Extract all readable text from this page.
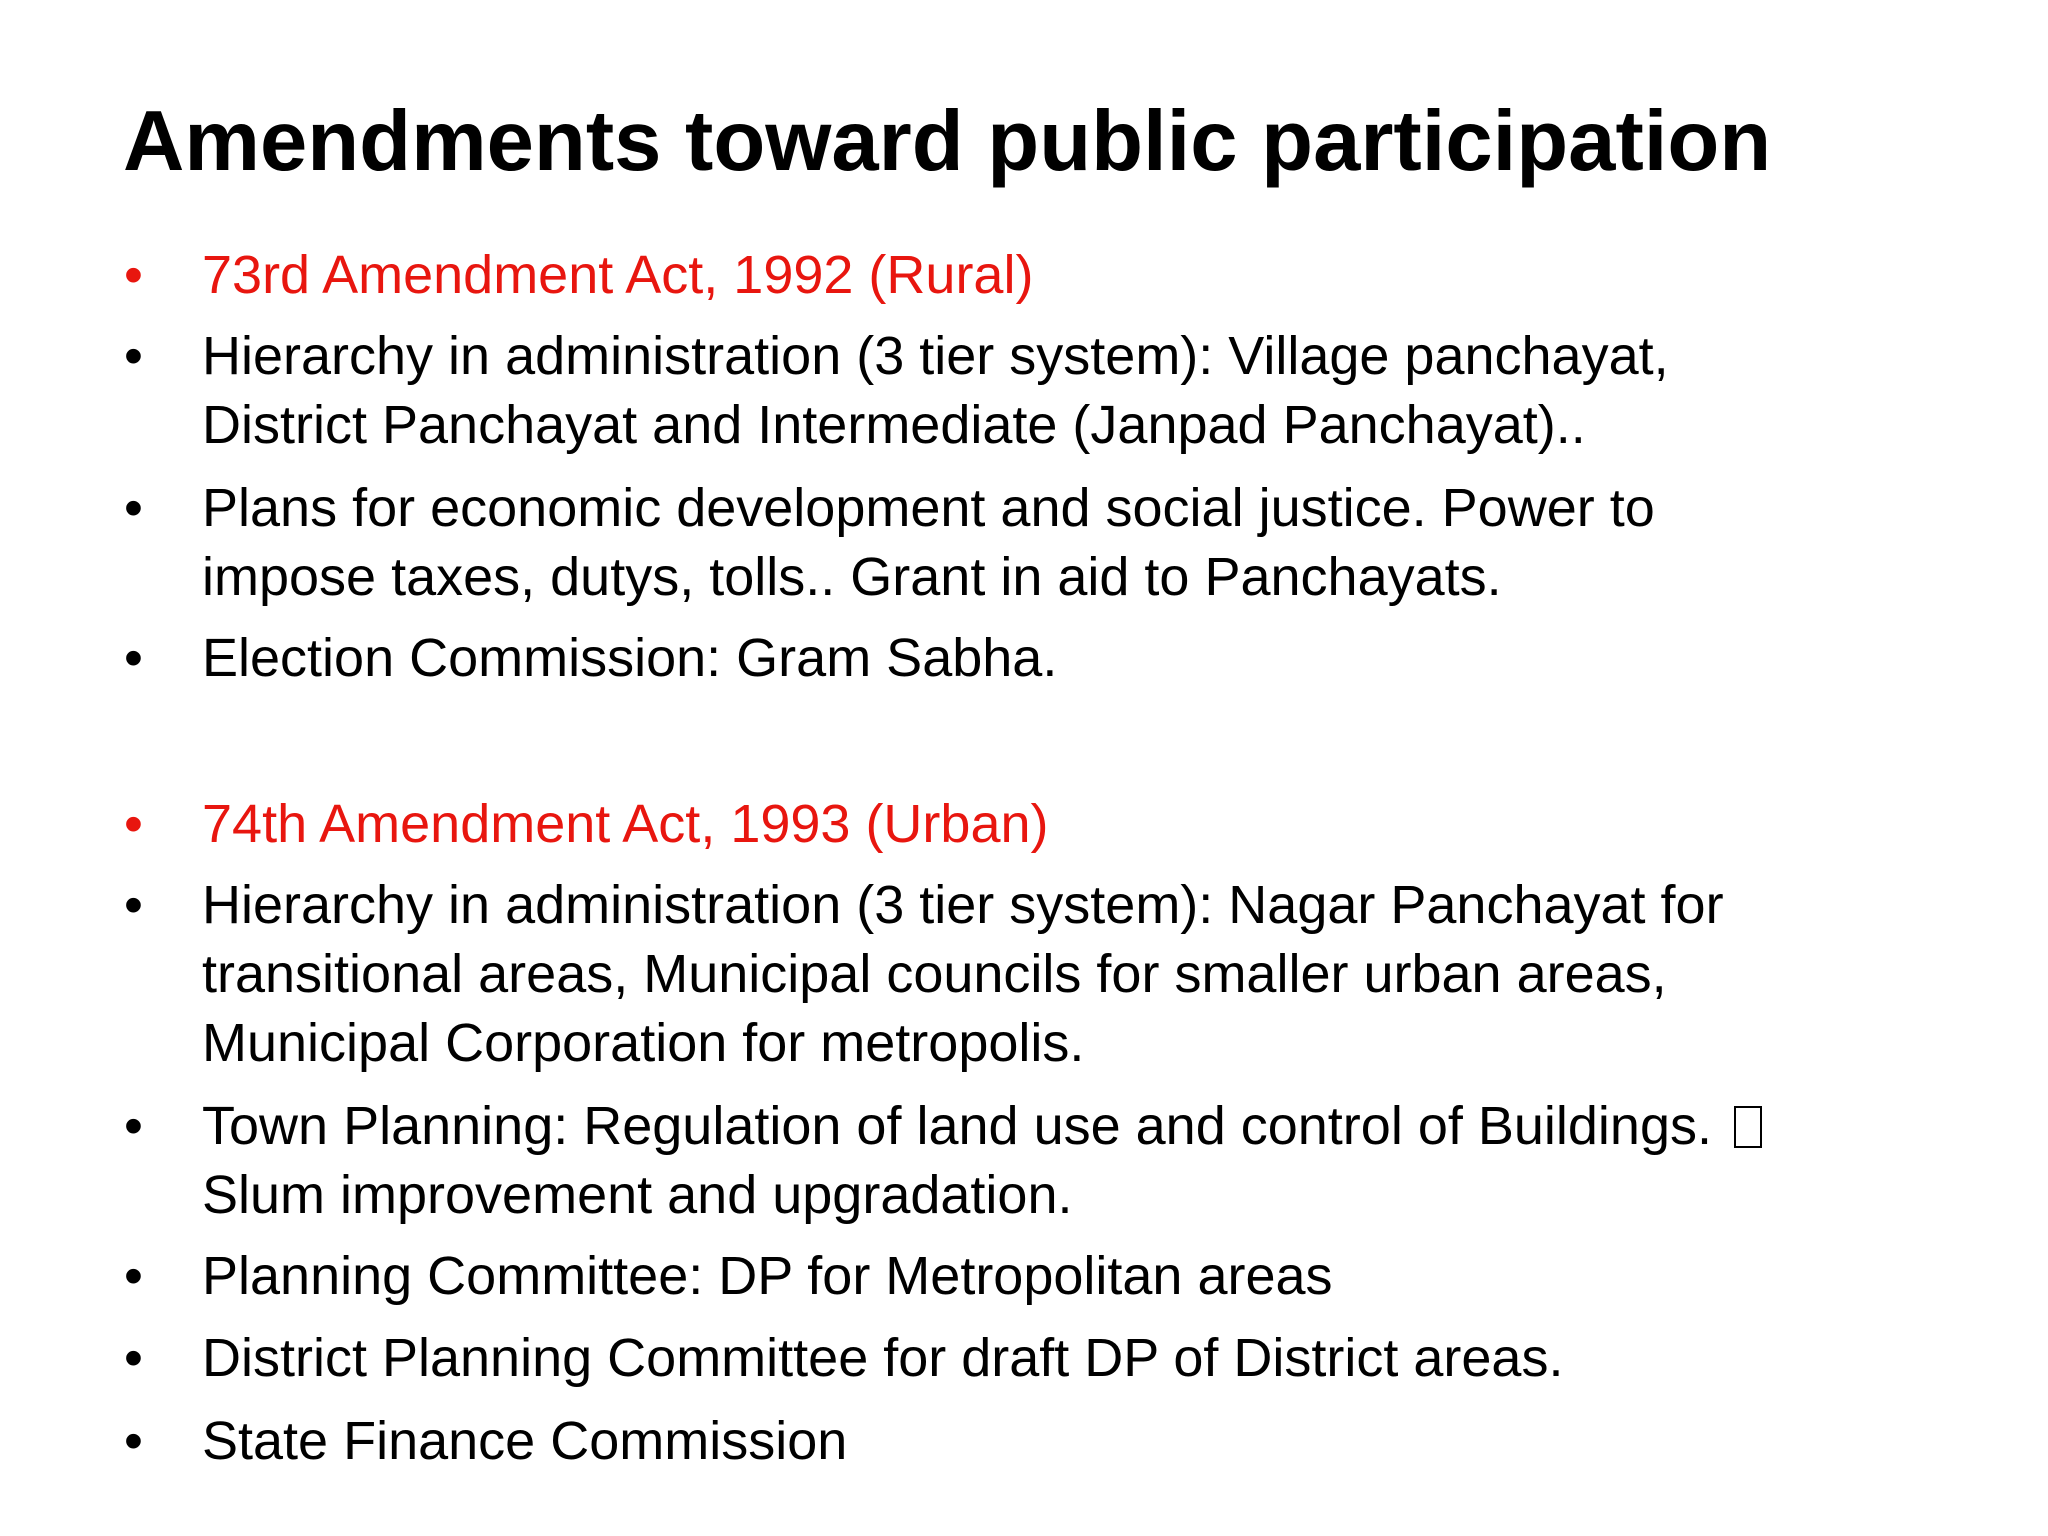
Amendments toward public participation
•	73rd Amendment Act, 1992 (Rural)
•	Hierarchy in administration (3 tier system): Village panchayat,
District Panchayat and Intermediate (Janpad Panchayat)..
•	Plans for economic development and social justice. Power to
impose taxes, dutys, tolls.. Grant in aid to Panchayats.
•	Election Commission: Gram Sabha.
•	74th Amendment Act, 1993 (Urban)
•	Hierarchy in administration (3 tier system): Nagar Panchayat for
transitional areas, Municipal councils for smaller urban areas,
Municipal Corporation for metropolis.
•	Town Planning: Regulation of land use and control of Buildings.
Slum improvement and upgradation.
•	Planning Committee: DP for Metropolitan areas
•	District Planning Committee for draft DP of District areas.
•	State Finance Commission
